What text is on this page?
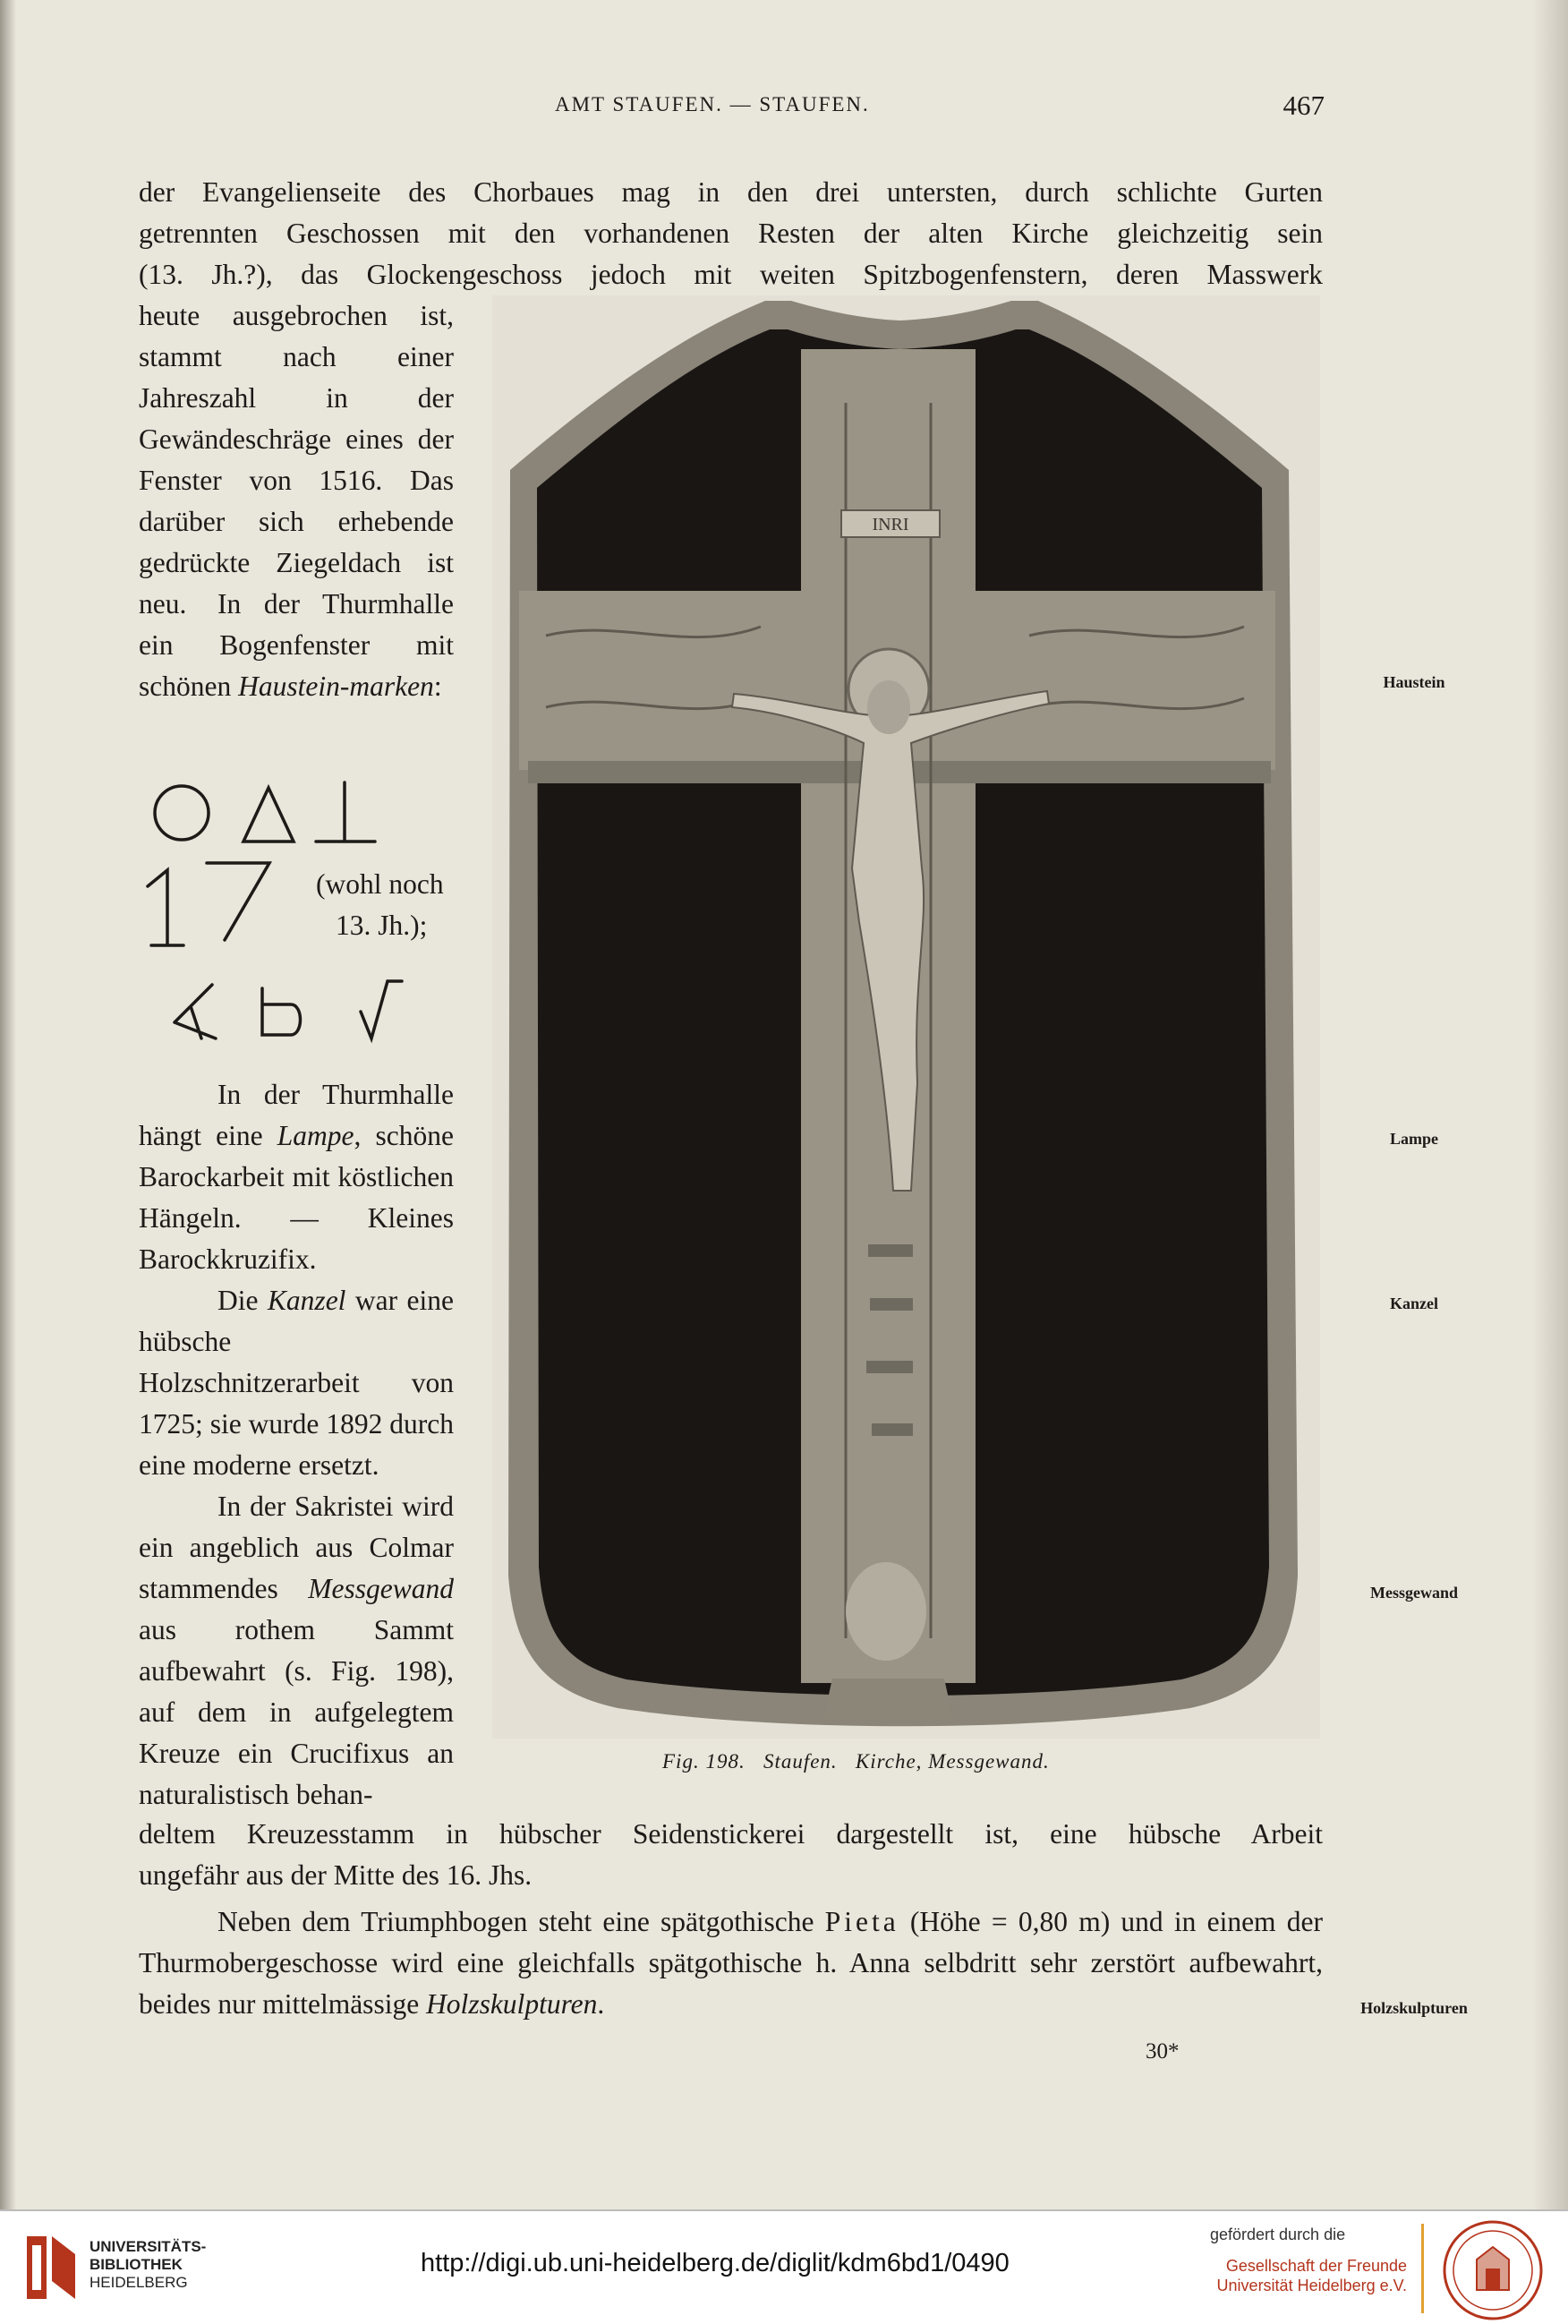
AMT STAUFEN. — STAUFEN.	467
der Evangelienseite des Chorbaues mag in den drei untersten, durch schlichte Gurten
getrennten Geschossen mit den vorhandenen Resten der alten Kirche gleichzeitig sein
(13. Jh.?), das Glockengeschoss jedoch mit weiten Spitzbogenfenstern, deren Masswerk

heute ausgebrochen ist, stammt nach einer Jahreszahl in der Gewändeschräge eines der Fenster von 1516. Das darüber sich erhebende gedrückte Ziegeldach ist neu.	In der Thurmhalle ein Bogenfenster mit schönen Haustein-marken:

(wohl noch
13. Jh.);

In der Thurmhalle hängt eine Lampe, schöne Barockarbeit mit köstlichen Hängeln. — Kleines Barockkruzifix.

Die Kanzel war eine hübsche Holzschnitzerarbeit von 1725; sie wurde 1892 durch eine moderne ersetzt.

In der Sakristei wird ein angeblich aus Colmar stammendes Messgewand aus rothem Sammt aufbewahrt (s. Fig. 198), auf dem in aufgelegtem Kreuze ein Crucifixus an naturalistisch behan-

INRI
Fig. 198.   Staufen.   Kirche, Messgewand.
deltem Kreuzesstamm in hübscher Seidenstickerei dargestellt ist, eine hübsche Arbeit
ungefähr aus der Mitte des 16. Jhs.
Neben dem Triumphbogen steht eine spätgothische Pieta (Höhe = 0,80 m) und in einem der Thurmobergeschosse wird eine gleichfalls spätgothische h. Anna selbdritt sehr zerstört aufbewahrt, beides nur mittelmässige Holzskulpturen.
30*
Haustein
Lampe
Kanzel
Messgewand
Holzskulpturen
UNIVERSITÄTS-
BIBLIOTHEK
HEIDELBERG
http://digi.ub.uni-heidelberg.de/diglit/kdm6bd1/0490
gefördert durch die
Gesellschaft der Freunde
Universität Heidelberg e.V.
